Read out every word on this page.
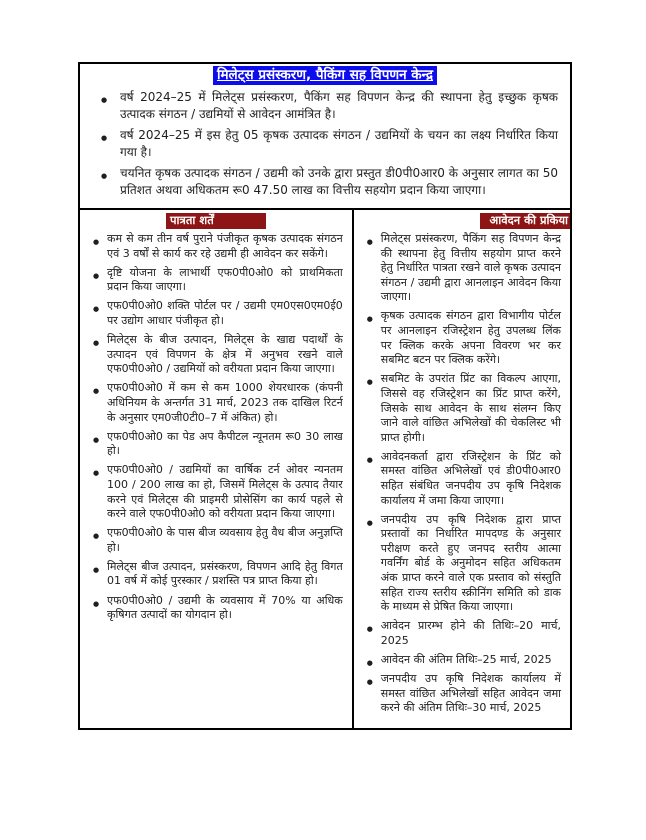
मिलेट्स प्रसंस्करण, पैकिंग सह विपणन केन्द्र
● वर्ष 2024–25 में मिलेट्स प्रसंस्करण, पैकिंग सह विपणन केन्द्र की स्थापना हेतु इच्छुक कृषक उत्पादक संगठन / उद्यमियों से आवेदन आमंत्रित है।
● वर्ष 2024–25 में इस हेतु 05 कृषक उत्पादक संगठन / उद्यमियों के चयन का लक्ष्य निर्धारित किया गया है।
● चयनित कृषक उत्पादक संगठन / उद्यमी को उनके द्वारा प्रस्तुत डी0पी0आर0 के अनुसार लागत का 50 प्रतिशत अथवा अधिकतम रू0 47.50 लाख का वित्तीय सहयोग प्रदान किया जाएगा।
पात्रता शर्तें
● कम से कम तीन वर्ष पुराने पंजीकृत कृषक उत्पादक संगठन एवं 3 वर्षों से कार्य कर रहे उद्यमी ही आवेदन कर सकेंगे।
● दृष्टि योजना के लाभार्थी एफ0पी0ओ0 को प्राथमिकता प्रदान किया जाएगा।
● एफ0पी0ओ0 शक्ति पोर्टल पर / उद्यमी एम0एस0एम0ई0 पर उद्योग आधार पंजीकृत हो।
● मिलेट्स के बीज उत्पादन, मिलेट्स के खाद्य पदार्थों के उत्पादन एवं विपणन के क्षेत्र में अनुभव रखने वाले एफ0पी0ओ0 / उद्यमियों को वरीयता प्रदान किया जाएगा।
● एफ0पी0ओ0 में कम से कम 1000 शेयरधारक (कंपनी अधिनियम के अन्तर्गत 31 मार्च, 2023 तक दाखिल रिटर्न के अनुसार एम0जी0टी0–7 में अंकित) हो।
● एफ0पी0ओ0 का पेड अप कैपीटल न्यूनतम रू0 30 लाख हो।
● एफ0पी0ओ0 / उद्यमियों का वार्षिक टर्न ओवर न्यनतम 100 / 200 लाख का हो, जिसमें मिलेट्स के उत्पाद तैयार करने एवं मिलेट्स की प्राइमरी प्रोसेसिंग का कार्य पहले से करने वाले एफ0पी0ओ0 को वरीयता प्रदान किया जाएगा।
● एफ0पी0ओ0 के पास बीज व्यवसाय हेतु वैध बीज अनुज्ञप्ति हो।
● मिलेट्स बीज उत्पादन, प्रसंस्करण, विपणन आदि हेतु विगत 01 वर्ष में कोई पुरस्कार / प्रशस्ति पत्र प्राप्त किया हो।
● एफ0पी0ओ0 / उद्यमी के व्यवसाय में 70% या अधिक कृषिगत उत्पादों का योगदान हो।
आवेदन की प्रकिया
● मिलेट्स प्रसंस्करण, पैकिंग सह विपणन केन्द्र की स्थापना हेतु वित्तीय सहयोग प्राप्त करने हेतु निर्धारित पात्रता रखने वाले कृषक उत्पादन संगठन / उद्यमी द्वारा आनलाइन आवेदन किया जाएगा।
● कृषक उत्पादक संगठन द्वारा विभागीय पोर्टल पर आनलाइन रजिस्ट्रेशन हेतु उपलब्ध लिंक पर क्लिक करके अपना विवरण भर कर सबमिट बटन पर क्लिक करेंगे।
● सबमिट के उपरांत प्रिंट का विकल्प आएगा, जिससे वह रजिस्ट्रेशन का प्रिंट प्राप्त करेंगे, जिसके साथ आवेदन के साथ संलग्न किए जाने वाले वांछित अभिलेखों की चेकलिस्ट भी प्राप्त होगी।
● आवेदनकर्ता द्वारा रजिस्ट्रेशन के प्रिंट को समस्त वांछित अभिलेखों एवं डी0पी0आर0 सहित संबंधित जनपदीय उप कृषि निदेशक कार्यालय में जमा किया जाएगा।
● जनपदीय उप कृषि निदेशक द्वारा प्राप्त प्रस्तावों का निर्धारित मापदण्ड के अनुसार परीक्षण करते हुए जनपद स्तरीय आत्मा गवर्निंग बोर्ड के अनुमोदन सहित अधिकतम अंक प्राप्त करने वाले एक प्रस्ताव को संस्तुति सहित राज्य स्तरीय स्क्रीनिंग समिति को डाक के माध्यम से प्रेषित किया जाएगा।
● आवेदन प्रारम्भ होने की तिथिः–20 मार्च, 2025
● आवेदन की अंतिम तिथिः–25 मार्च, 2025
● जनपदीय उप कृषि निदेशक कार्यालय में समस्त वांछित अभिलेखों सहित आवेदन जमा करने की अंतिम तिथिः–30 मार्च, 2025
